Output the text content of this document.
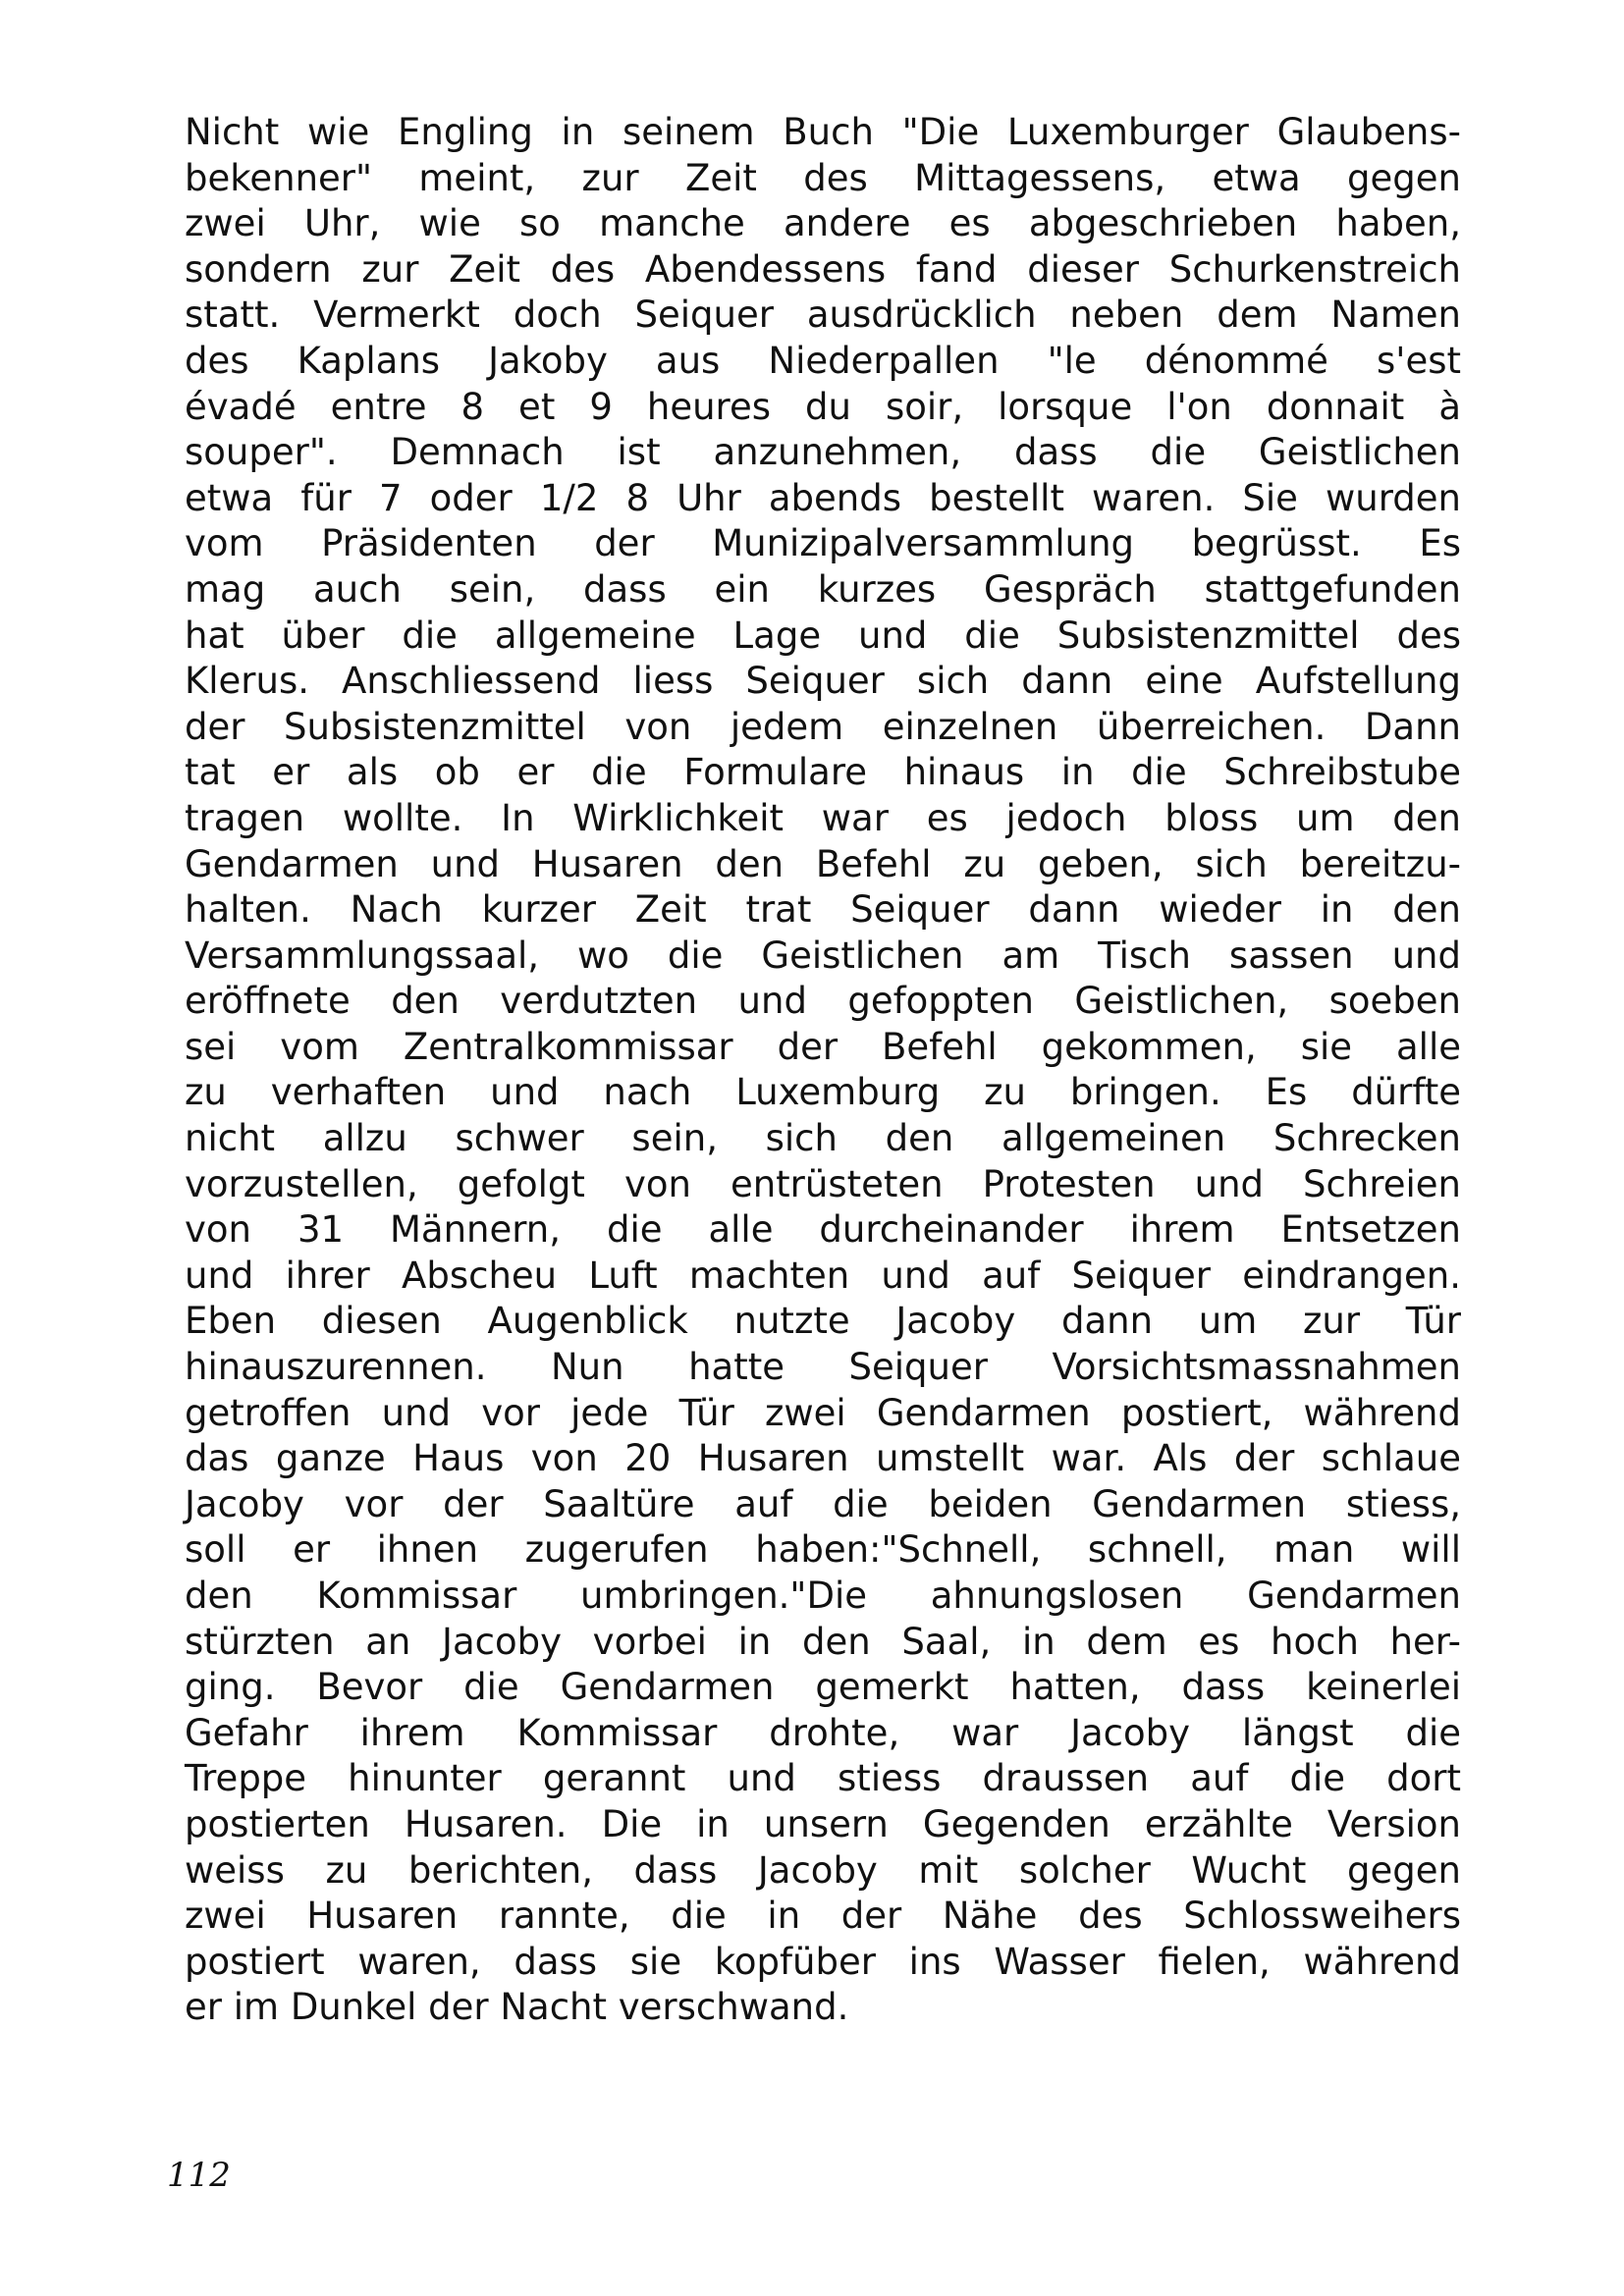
Nicht wie Engling in seinem Buch "Die Luxemburger Glaubens-
bekenner" meint, zur Zeit des Mittagessens, etwa gegen
zwei Uhr, wie so manche andere es abgeschrieben haben,
sondern zur Zeit des Abendessens fand dieser Schurkenstreich
statt. Vermerkt doch Seiquer ausdrücklich neben dem Namen
des Kaplans Jakoby aus Niederpallen "le dénommé s'est
évadé entre 8 et 9 heures du soir, lorsque l'on donnait à
souper". Demnach ist anzunehmen, dass die Geistlichen
etwa für 7 oder 1/2 8 Uhr abends bestellt waren. Sie wurden
vom Präsidenten der Munizipalversammlung begrüsst. Es
mag auch sein, dass ein kurzes Gespräch stattgefunden
hat über die allgemeine Lage und die Subsistenzmittel des
Klerus. Anschliessend liess Seiquer sich dann eine Aufstellung
der Subsistenzmittel von jedem einzelnen überreichen. Dann
tat er als ob er die Formulare hinaus in die Schreibstube
tragen wollte. In Wirklichkeit war es jedoch bloss um den
Gendarmen und Husaren den Befehl zu geben, sich bereitzu-
halten. Nach kurzer Zeit trat Seiquer dann wieder in den
Versammlungssaal, wo die Geistlichen am Tisch sassen und
eröffnete den verdutzten und gefoppten Geistlichen, soeben
sei vom Zentralkommissar der Befehl gekommen, sie alle
zu verhaften und nach Luxemburg zu bringen. Es dürfte
nicht allzu schwer sein, sich den allgemeinen Schrecken
vorzustellen, gefolgt von entrüsteten Protesten und Schreien
von 31 Männern, die alle durcheinander ihrem Entsetzen
und ihrer Abscheu Luft machten und auf Seiquer eindrangen.
Eben diesen Augenblick nutzte Jacoby dann um zur Tür
hinauszurennen. Nun hatte Seiquer Vorsichtsmassnahmen
getroffen und vor jede Tür zwei Gendarmen postiert, während
das ganze Haus von 20 Husaren umstellt war. Als der schlaue
Jacoby vor der Saaltüre auf die beiden Gendarmen stiess,
soll er ihnen zugerufen haben:"Schnell, schnell, man will
den Kommissar umbringen."Die ahnungslosen Gendarmen
stürzten an Jacoby vorbei in den Saal, in dem es hoch her-
ging. Bevor die Gendarmen gemerkt hatten, dass keinerlei
Gefahr ihrem Kommissar drohte, war Jacoby längst die
Treppe hinunter gerannt und stiess draussen auf die dort
postierten Husaren. Die in unsern Gegenden erzählte Version
weiss zu berichten, dass Jacoby mit solcher Wucht gegen
zwei Husaren rannte, die in der Nähe des Schlossweihers
postiert waren, dass sie kopfüber ins Wasser fielen, während
er im Dunkel der Nacht verschwand.
112
